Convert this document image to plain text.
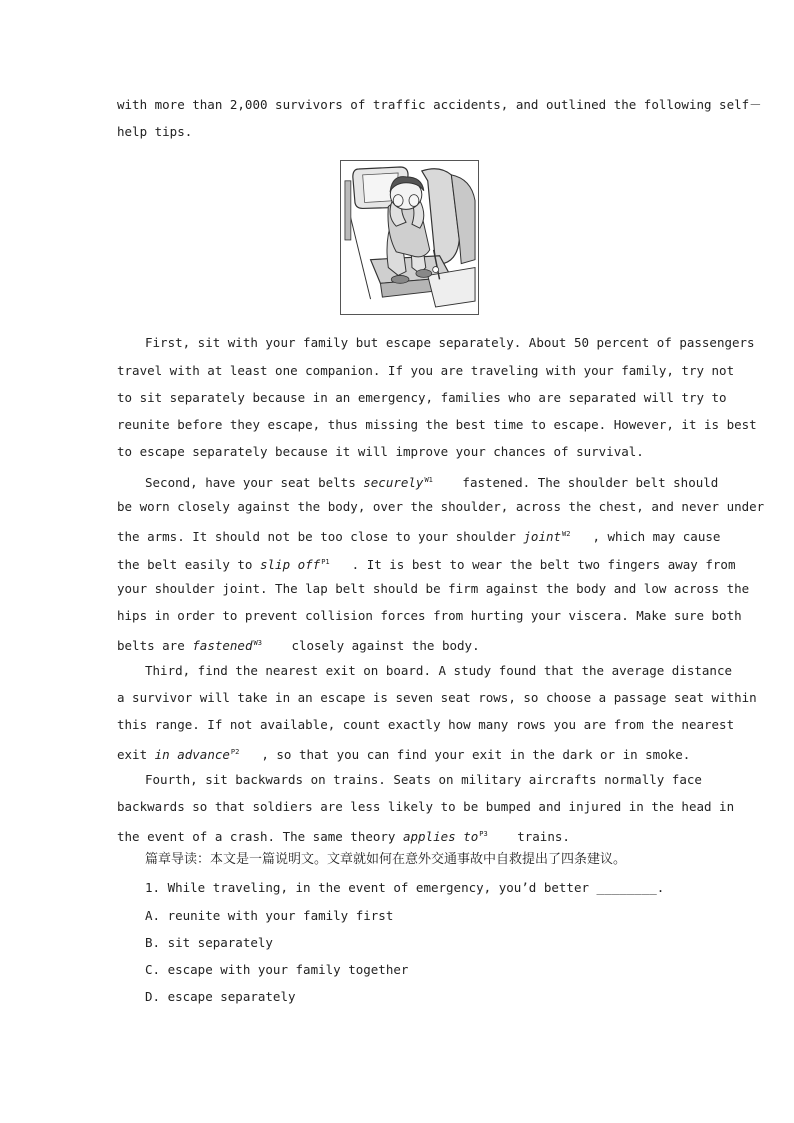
with more than 2,000 survivors of traffic accidents, and outlined the following self－
help tips.
First, sit with your family but escape separately. About 50 percent of passengers
travel with at least one companion. If you are traveling with your family, try not
to sit separately because in an emergency, families who are separated will try to
reunite before they escape, thus missing the best time to escape. However, it is best
to escape separately because it will improve your chances of survival.
Second, have your seat belts securely$^{W1}$ fastened. The shoulder belt should
be worn closely against the body, over the shoulder, across the chest, and never under
the arms. It should not be too close to your shoulder joint$^{W2}$ , which may cause
the belt easily to slip off$^{P1}$ . It is best to wear the belt two fingers away from
your shoulder joint. The lap belt should be firm against the body and low across the
hips in order to prevent collision forces from hurting your viscera. Make sure both
belts are fastened$^{W3}$ closely against the body.
Third, find the nearest exit on board. A study found that the average distance
a survivor will take in an escape is seven seat rows, so choose a passage seat within
this range. If not available, count exactly how many rows you are from the nearest
exit in advance$^{P2}$ , so that you can find your exit in the dark or in smoke.
Fourth, sit backwards on trains. Seats on military aircrafts normally face
backwards so that soldiers are less likely to be bumped and injured in the head in
the event of a crash. The same theory applies $to^{P3}$ trains.
篇章导读：本文是一篇说明文。文章就如何在意外交通事故中自救提出了四条建议。
1. While traveling, in the event of emergency, you’d better ________.
A. reunite with your family first
B. sit separately
C. escape with your family together
D. escape separately
